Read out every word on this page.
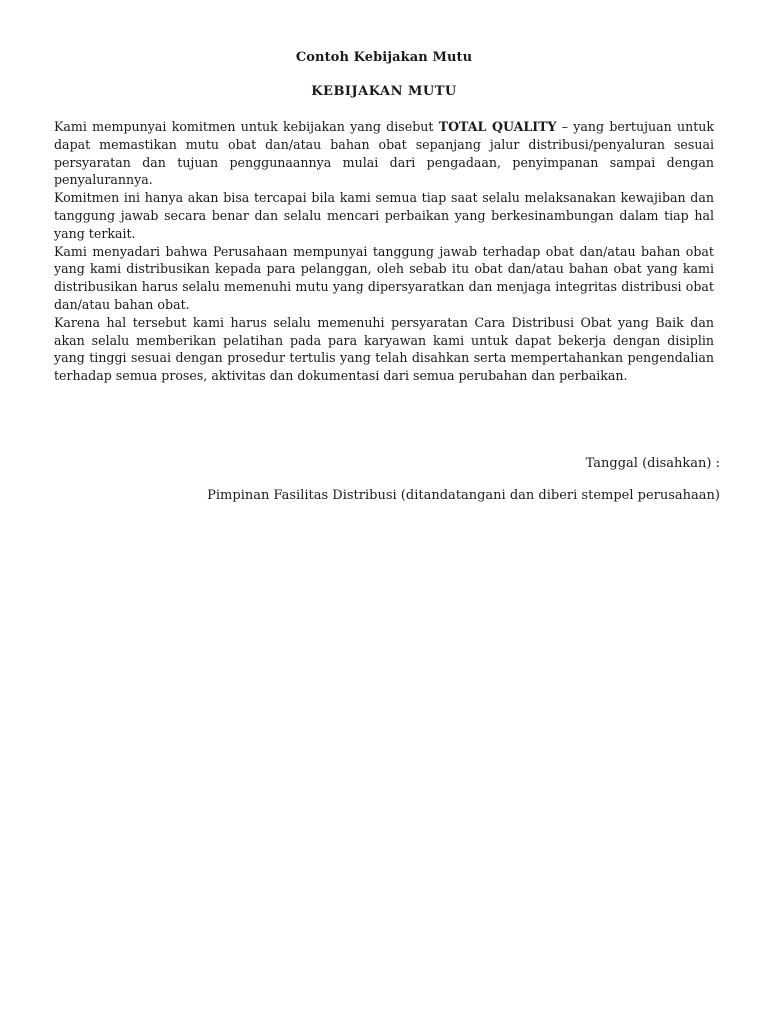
Contoh Kebijakan Mutu
KEBIJAKAN MUTU

Kami mempunyai komitmen untuk kebijakan yang disebut TOTAL QUALITY – yang bertujuan untuk dapat memastikan mutu obat dan/atau bahan obat sepanjang jalur distribusi/penyaluran sesuai persyaratan dan tujuan penggunaannya mulai dari pengadaan, penyimpanan sampai dengan penyalurannya.

Komitmen ini hanya akan bisa tercapai bila kami semua tiap saat selalu melaksanakan kewajiban dan tanggung jawab secara benar dan selalu mencari perbaikan yang berkesinambungan dalam tiap hal yang terkait.

Kami menyadari bahwa Perusahaan mempunyai tanggung jawab terhadap obat dan/atau bahan obat yang kami distribusikan kepada para pelanggan, oleh sebab itu obat dan/atau bahan obat yang kami distribusikan harus selalu memenuhi mutu yang dipersyaratkan dan menjaga integritas distribusi obat dan/atau bahan obat.

Karena hal tersebut kami harus selalu memenuhi persyaratan Cara Distribusi Obat yang Baik dan akan selalu memberikan pelatihan pada para karyawan kami untuk dapat bekerja dengan disiplin yang tinggi sesuai dengan prosedur tertulis yang telah disahkan serta mempertahankan pengendalian terhadap semua proses, aktivitas dan dokumentasi dari semua perubahan dan perbaikan.

Tanggal (disahkan) :
Pimpinan Fasilitas Distribusi (ditandatangani dan diberi stempel perusahaan)
